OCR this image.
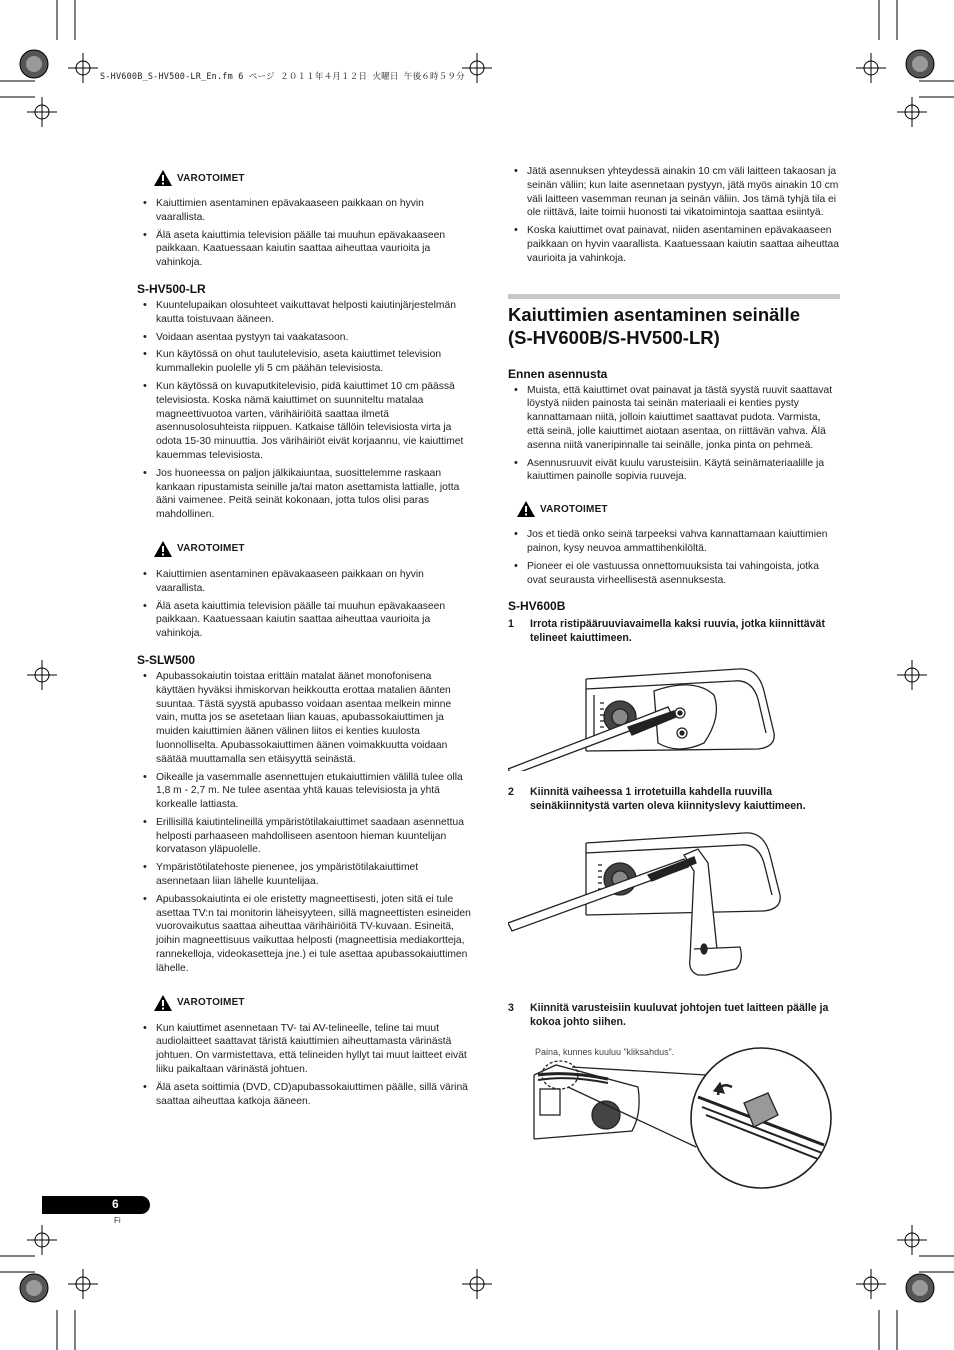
S-HV600B_S-HV500-LR_En.fm 6 ページ ２０１１年４月１２日 火曜日 午後６時５９分
VAROTOIMET
• Kaiuttimien asentaminen epävakaaseen paikkaan on hyvin vaarallista.
• Älä aseta kaiuttimia television päälle tai muuhun epävakaaseen paikkaan. Kaatuessaan kaiutin saattaa aiheuttaa vaurioita ja vahinkoja.
S-HV500-LR
• Kuuntelupaikan olosuhteet vaikuttavat helposti kaiutinjärjestelmän kautta toistuvaan ääneen.
• Voidaan asentaa pystyyn tai vaakatasoon.
• Kun käytössä on ohut taulutelevisio, aseta kaiuttimet television kummallekin puolelle yli 5 cm päähän televisiosta.
• Kun käytössä on kuvaputkitelevisio, pidä kaiuttimet 10 cm päässä televisiosta. Koska nämä kaiuttimet on suunniteltu matalaa magneettivuotoa varten, värihäiriöitä saattaa ilmetä asennusolosuhteista riippuen. Katkaise tällöin televisiosta virta ja odota 15-30 minuuttia. Jos värihäiriöt eivät korjaannu, vie kaiuttimet kauemmas televisiosta.
• Jos huoneessa on paljon jälkikaiuntaa, suosittelemme raskaan kankaan ripustamista seinille ja/tai maton asettamista lattialle, jotta ääni vaimenee. Peitä seinät kokonaan, jotta tulos olisi paras mahdollinen.
VAROTOIMET
• Kaiuttimien asentaminen epävakaaseen paikkaan on hyvin vaarallista.
• Älä aseta kaiuttimia television päälle tai muuhun epävakaaseen paikkaan. Kaatuessaan kaiutin saattaa aiheuttaa vaurioita ja vahinkoja.
S-SLW500
• Apubassokaiutin toistaa erittäin matalat äänet monofonisena käyttäen hyväksi ihmiskorvan heikkoutta erottaa matalien äänten suuntaa. Tästä syystä apubasso voidaan asentaa melkein minne vain, mutta jos se asetetaan liian kauas, apubassokaiuttimen ja muiden kaiuttimien äänen välinen liitos ei kenties kuulosta luonnolliselta. Apubassokaiuttimen äänen voimakkuutta voidaan säätää muuttamalla sen etäisyyttä seinästä.
• Oikealle ja vasemmalle asennettujen etukaiuttimien välillä tulee olla 1,8 m - 2,7 m. Ne tulee asentaa yhtä kauas televisiosta ja yhtä korkealle lattiasta.
• Erillisillä kaiutintelineillä ympäristötilakaiuttimet saadaan asennettua helposti parhaaseen mahdolliseen asentoon hieman kuuntelijan korvatason yläpuolelle.
• Ympäristötilatehoste pienenee, jos ympäristötilakaiuttimet asennetaan liian lähelle kuuntelijaa.
• Apubassokaiutinta ei ole eristetty magneettisesti, joten sitä ei tule asettaa TV:n tai monitorin läheisyyteen, sillä magneettisten esineiden vuorovaikutus saattaa aiheuttaa värihäiriöitä TV-kuvaan. Esineitä, joihin magneettisuus vaikuttaa helposti (magneettisia mediakortteja, rannekelloja, videokasetteja jne.) ei tule asettaa apubassokaiuttimen lähelle.
VAROTOIMET
• Kun kaiuttimet asennetaan TV- tai AV-telineelle, teline tai muut audiolaitteet saattavat täristä kaiuttimien aiheuttamasta värinästä johtuen. On varmistettava, että telineiden hyllyt tai muut laitteet eivät liiku paikaltaan värinästä johtuen.
• Älä aseta soittimia (DVD, CD)apubassokaiuttimen päälle, sillä värinä saattaa aiheuttaa katkoja ääneen.
• Jätä asennuksen yhteydessä ainakin 10 cm väli laitteen takaosan ja seinän väliin; kun laite asennetaan pystyyn, jätä myös ainakin 10 cm väli laitteen vasemman reunan ja seinän väliin. Jos tämä tyhjä tila ei ole riittävä, laite toimii huonosti tai vikatoimintoja saattaa esiintyä.
• Koska kaiuttimet ovat painavat, niiden asentaminen epävakaaseen paikkaan on hyvin vaarallista. Kaatuessaan kaiutin saattaa aiheuttaa vaurioita ja vahinkoja.
Kaiuttimien asentaminen seinälle
(S-HV600B/S-HV500-LR)
Ennen asennusta
• Muista, että kaiuttimet ovat painavat ja tästä syystä ruuvit saattavat löystyä niiden painosta tai seinän materiaali ei kenties pysty kannattamaan niitä, jolloin kaiuttimet saattavat pudota. Varmista, että seinä, jolle kaiuttimet aiotaan asentaa, on riittävän vahva. Älä asenna niitä vaneripinnalle tai seinälle, jonka pinta on pehmeä.
• Asennusruuvit eivät kuulu varusteisiin. Käytä seinämateriaalille ja kaiuttimen painolle sopivia ruuveja.
VAROTOIMET
• Jos et tiedä onko seinä tarpeeksi vahva kannattamaan kaiuttimien painon, kysy neuvoa ammattihenkilöltä.
• Pioneer ei ole vastuussa onnettomuuksista tai vahingoista, jotka ovat seurausta virheellisestä asennuksesta.
S-HV600B
1	Irrota ristipääruuviavaimella kaksi ruuvia, jotka kiinnittävät telineet kaiuttimeen.
2	Kiinnitä vaiheessa 1 irrotetuilla kahdella ruuvilla seinäkiinnitystä varten oleva kiinnityslevy kaiuttimeen.
3	Kiinnitä varusteisiin kuuluvat johtojen tuet laitteen päälle ja kokoa johto siihen.
Paina, kunnes kuuluu ”kliksahdus”.
6
Fi
